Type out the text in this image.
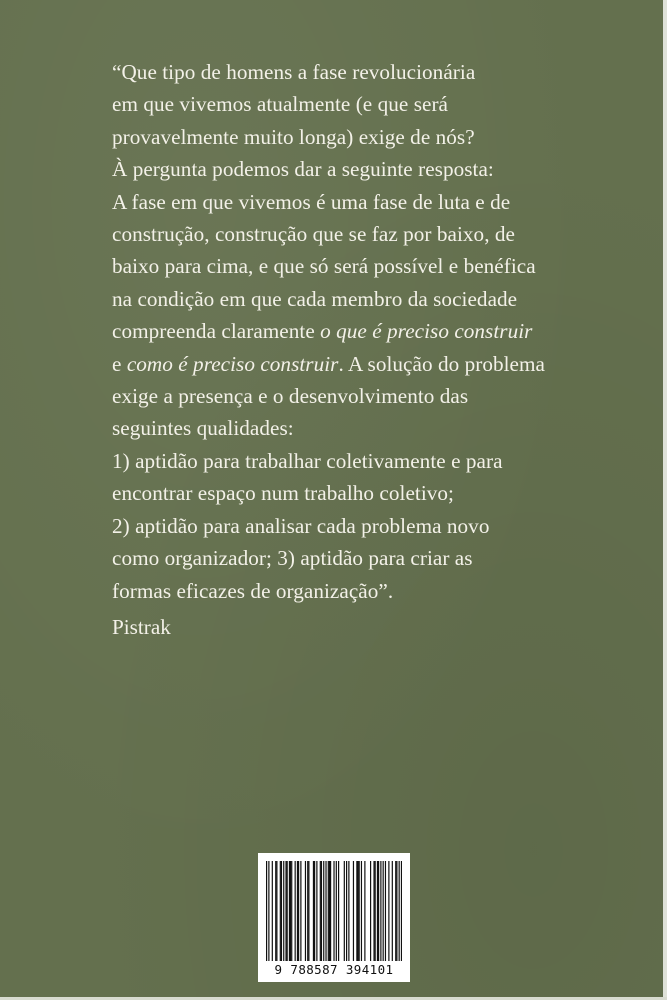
“Que tipo de homens a fase revolucionária
em que vivemos atualmente (e que será
provavelmente muito longa) exige de nós?
À pergunta podemos dar a seguinte resposta:
A fase em que vivemos é uma fase de luta e de
construção, construção que se faz por baixo, de
baixo para cima, e que só será possível e benéfica
na condição em que cada membro da sociedade
compreenda claramente o que é preciso construir
e como é preciso construir. A solução do problema
exige a presença e o desenvolvimento das
seguintes qualidades:
1) aptidão para trabalhar coletivamente e para
encontrar espaço num trabalho coletivo;
2) aptidão para analisar cada problema novo
como organizador; 3) aptidão para criar as
formas eficazes de organização”.
Pistrak
9 788587 394101
